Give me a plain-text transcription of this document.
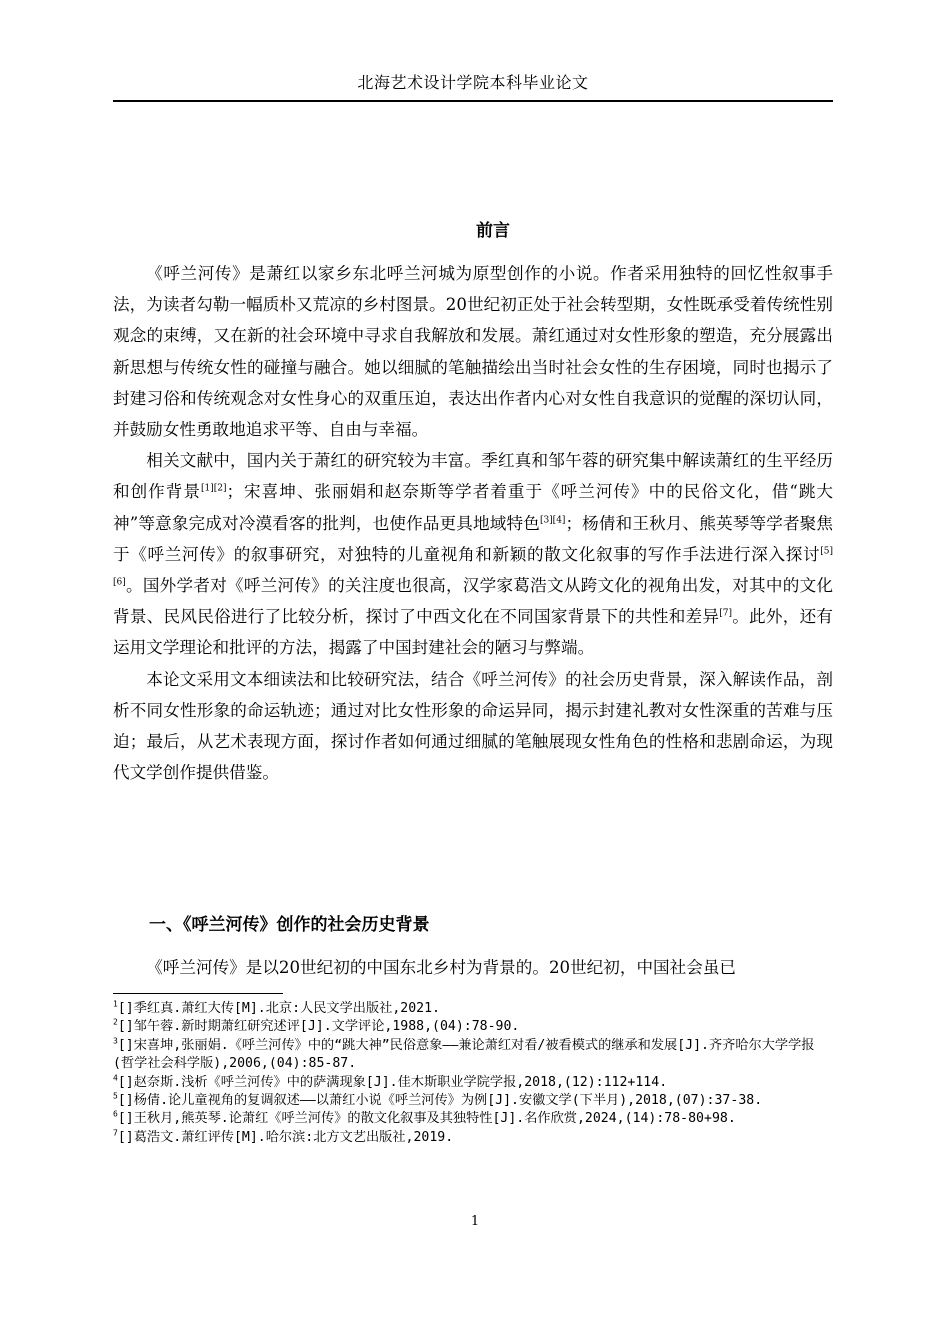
北海艺术设计学院本科毕业论文
前言

《呼兰河传》是萧红以家乡东北呼兰河城为原型创作的小说。作者采用独特的回忆性叙事手法，为读者勾勒一幅质朴又荒凉的乡村图景。20世纪初正处于社会转型期，女性既承受着传统性别观念的束缚，又在新的社会环境中寻求自我解放和发展。萧红通过对女性形象的塑造，充分展露出新思想与传统女性的碰撞与融合。她以细腻的笔触描绘出当时社会女性的生存困境，同时也揭示了封建习俗和传统观念对女性身心的双重压迫，表达出作者内心对女性自我意识的觉醒的深切认同，并鼓励女性勇敢地追求平等、自由与幸福。

相关文献中，国内关于萧红的研究较为丰富。季红真和邹午蓉的研究集中解读萧红的生平经历和创作背景[1][2]；宋喜坤、张丽娟和赵奈斯等学者着重于《呼兰河传》中的民俗文化，借“跳大神”等意象完成对冷漠看客的批判，也使作品更具地域特色[3][4]；杨倩和王秋月、熊英琴等学者聚焦于《呼兰河传》的叙事研究，对独特的儿童视角和新颖的散文化叙事的写作手法进行深入探讨[5][6]。国外学者对《呼兰河传》的关注度也很高，汉学家葛浩文从跨文化的视角出发，对其中的文化背景、民风民俗进行了比较分析，探讨了中西文化在不同国家背景下的共性和差异[7]。此外，还有运用文学理论和批评的方法，揭露了中国封建社会的陋习与弊端。

本论文采用文本细读法和比较研究法，结合《呼兰河传》的社会历史背景，深入解读作品，剖析不同女性形象的命运轨迹；通过对比女性形象的命运异同，揭示封建礼教对女性深重的苦难与压迫；最后，从艺术表现方面，探讨作者如何通过细腻的笔触展现女性角色的性格和悲剧命运，为现代文学创作提供借鉴。

一、《呼兰河传》创作的社会历史背景

《呼兰河传》是以20世纪初的中国东北乡村为背景的。20世纪初，中国社会虽已

$^1$[]季红真.萧红大传[M].北京:人民文学出版社,2021.

$^2$[]邹午蓉.新时期萧红研究述评[J].文学评论,1988,(04):78-90.

$^3$[]宋喜坤,张丽娟.《呼兰河传》中的“跳大神”民俗意象——兼论萧红对看/被看模式的继承和发展[J].齐齐哈尔大学学报(哲学社会科学版),2006,(04):85-87.

$^4$[]赵奈斯.浅析《呼兰河传》中的萨满现象[J].佳木斯职业学院学报,2018,(12):112+114.

$^5$[]杨倩.论儿童视角的复调叙述——以萧红小说《呼兰河传》为例[J].安徽文学(下半月),2018,(07):37-38.

$^6$[]王秋月,熊英琴.论萧红《呼兰河传》的散文化叙事及其独特性[J].名作欣赏,2024,(14):78-80+98.

$^7$[]葛浩文.萧红评传[M].哈尔滨:北方文艺出版社,2019.

1
